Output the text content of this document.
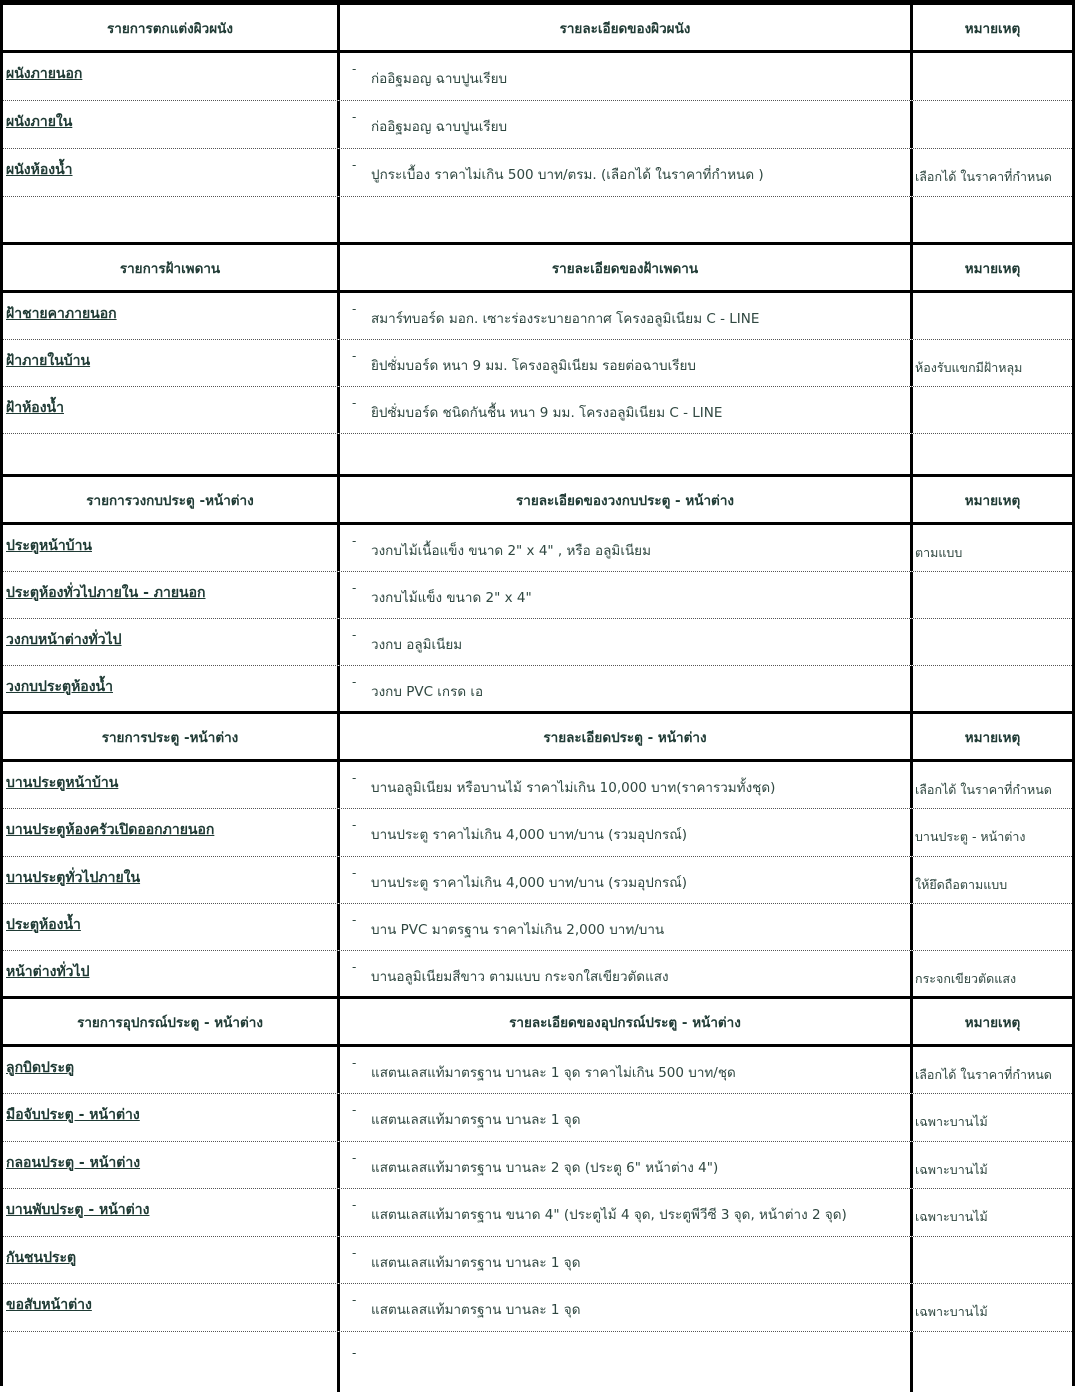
รายการตกแต่งผิวผนัง	รายละเอียดของผิวผนัง	หมายเหตุ
ผนังภายนอก	-ก่ออิฐมอญ ฉาบปูนเรียบ
ผนังภายใน	-ก่ออิฐมอญ ฉาบปูนเรียบ
ผนังห้องน้ำ	-ปูกระเบื้อง ราคาไม่เกิน 500 บาท/ตรม. (เลือกได้ ในราคาที่กำหนด )	เลือกได้ ในราคาที่กำหนด
รายการฝ้าเพดาน	รายละเอียดของฝ้าเพดาน	หมายเหตุ
ฝ้าชายคาภายนอก	-สมาร์ทบอร์ด มอก. เซาะร่องระบายอากาศ โครงอลูมิเนียม C - LINE
ฝ้าภายในบ้าน	-ยิปซั่มบอร์ด หนา 9 มม. โครงอลูมิเนียม รอยต่อฉาบเรียบ	ห้องรับแขกมีฝ้าหลุม
ฝ้าห้องน้ำ	-ยิปซั่มบอร์ด ชนิดกันชื้น หนา 9 มม. โครงอลูมิเนียม C - LINE
รายการวงกบประตู -หน้าต่าง	รายละเอียดของวงกบประตู - หน้าต่าง	หมายเหตุ
ประตูหน้าบ้าน	-วงกบไม้เนื้อแข็ง ขนาด 2" x 4" , หรือ อลูมิเนียม	ตามแบบ
ประตูห้องทั่วไปภายใน - ภายนอก	-วงกบไม้แข็ง ขนาด 2" x 4"
วงกบหน้าต่างทั่วไป	-วงกบ อลูมิเนียม
วงกบประตูห้องน้ำ	-วงกบ PVC เกรด เอ
รายการประตู -หน้าต่าง	รายละเอียดประตู - หน้าต่าง	หมายเหตุ
บานประตูหน้าบ้าน	-บานอลูมิเนียม หรือบานไม้ ราคาไม่เกิน 10,000 บาท(ราคารวมทั้งชุด)	เลือกได้ ในราคาที่กำหนด
บานประตูห้องครัวเปิดออกภายนอก	-บานประตู ราคาไม่เกิน 4,000 บาท/บาน (รวมอุปกรณ์)	บานประตู - หน้าต่าง
บานประตูทั่วไปภายใน	-บานประตู ราคาไม่เกิน 4,000 บาท/บาน (รวมอุปกรณ์)	ให้ยึดถือตามแบบ
ประตูห้องน้ำ	-บาน PVC มาตรฐาน ราคาไม่เกิน 2,000 บาท/บาน
หน้าต่างทั่วไป	-บานอลูมิเนียมสีขาว ตามแบบ กระจกใสเขียวตัดแสง	กระจกเขียวตัดแสง
รายการอุปกรณ์ประตู - หน้าต่าง	รายละเอียดของอุปกรณ์ประตู - หน้าต่าง	หมายเหตุ
ลูกบิดประตู	-แสตนเลสแท้มาตรฐาน บานละ 1 จุด ราคาไม่เกิน 500 บาท/ชุด	เลือกได้ ในราคาที่กำหนด
มือจับประตู - หน้าต่าง	-แสตนเลสแท้มาตรฐาน บานละ 1 จุด	เฉพาะบานไม้
กลอนประตู - หน้าต่าง	-แสตนเลสแท้มาตรฐาน บานละ 2 จุด (ประตู 6" หน้าต่าง 4")	เฉพาะบานไม้
บานพับประตู - หน้าต่าง	-แสตนเลสแท้มาตรฐาน ขนาด 4" (ประตูไม้ 4 จุด, ประตูพีวีซี 3 จุด, หน้าต่าง 2 จุด)	เฉพาะบานไม้
กันชนประตู	-แสตนเลสแท้มาตรฐาน บานละ 1 จุด
ขอสับหน้าต่าง	-แสตนเลสแท้มาตรฐาน บานละ 1 จุด	เฉพาะบานไม้
-
